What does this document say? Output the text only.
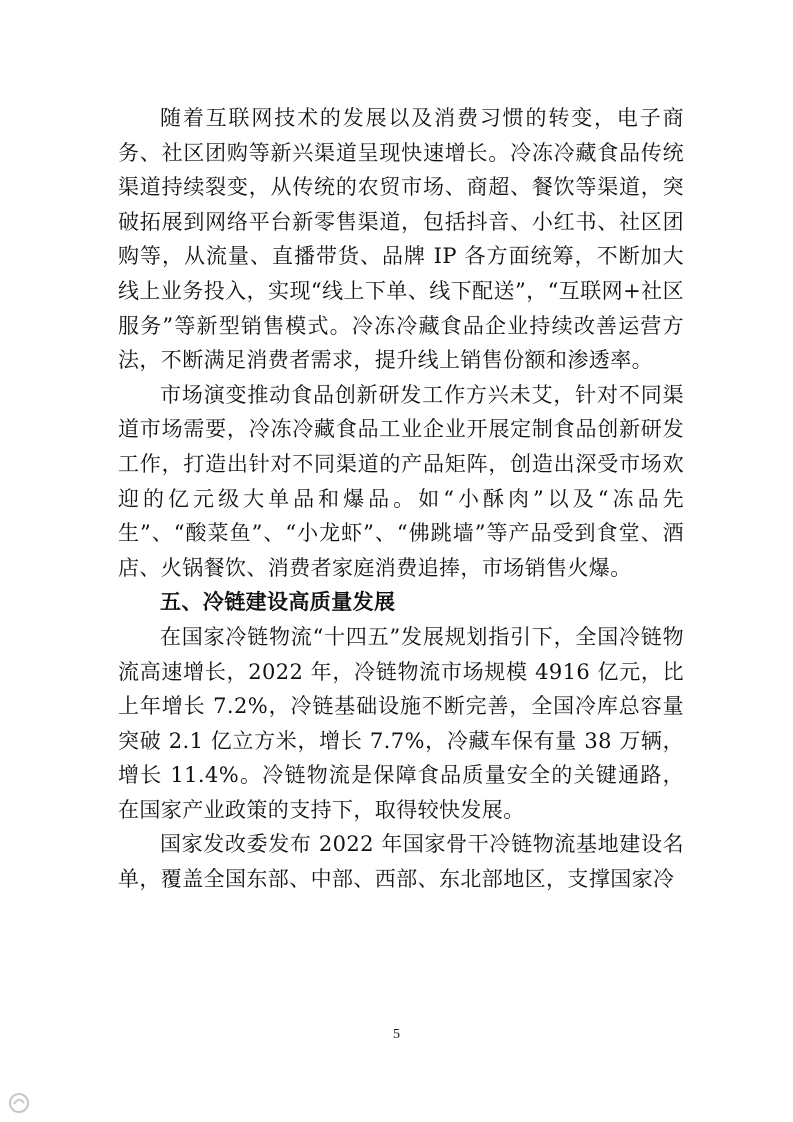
随着互联网技术的发展以及消费习惯的转变，电子商务、社区团购等新兴渠道呈现快速增长。冷冻冷藏食品传统渠道持续裂变，从传统的农贸市场、商超、餐饮等渠道，突破拓展到网络平台新零售渠道，包括抖音、小红书、社区团购等，从流量、直播带货、品牌 IP 各方面统筹，不断加大线上业务投入，实现“线上下单、线下配送”，“互联网+社区服务”等新型销售模式。冷冻冷藏食品企业持续改善运营方法，不断满足消费者需求，提升线上销售份额和渗透率。

市场演变推动食品创新研发工作方兴未艾，针对不同渠道市场需要，冷冻冷藏食品工业企业开展定制食品创新研发工作，打造出针对不同渠道的产品矩阵，创造出深受市场欢迎的亿元级大单品和爆品。如“小酥肉”以及“冻品先生”、“酸菜鱼”、“小龙虾”、“佛跳墙”等产品受到食堂、酒店、火锅餐饮、消费者家庭消费追捧，市场销售火爆。

五、冷链建设高质量发展

在国家冷链物流“十四五”发展规划指引下，全国冷链物流高速增长，2022 年，冷链物流市场规模 4916 亿元，比上年增长 7.2%，冷链基础设施不断完善，全国冷库总容量突破 2.1 亿立方米，增长 7.7%，冷藏车保有量 38 万辆，增长 11.4%。冷链物流是保障食品质量安全的关键通路，在国家产业政策的支持下，取得较快发展。

国家发改委发布 2022 年国家骨干冷链物流基地建设名单，覆盖全国东部、中部、西部、东北部地区，支撑国家冷

5
